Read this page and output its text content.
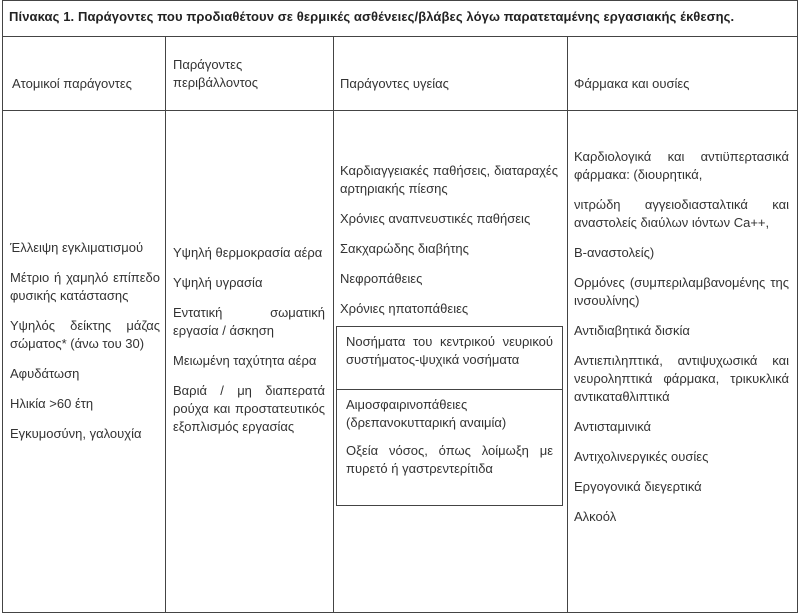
Πίνακας 1. Παράγοντες που προδιαθέτουν σε θερμικές ασθένειες/βλάβες λόγω παρατεταμένης εργασιακής έκθεσης.
Ατομικοί παράγοντες
Παράγοντες περιβάλλοντος	Παράγοντες υγείας	Φάρμακα και ουσίες

Έλλειψη εγκλιματισμού

Μέτριο ή χαμηλό επίπεδο φυσικής κατάστασης

Υψηλός δείκτης μάζας σώματος* (άνω του 30)

Αφυδάτωση

Ηλικία >60 έτη

Εγκυμοσύνη, γαλουχία

Υψηλή θερμοκρασία αέρα

Υψηλή υγρασία

Εντατική σωματική εργασία / άσκηση

Μειωμένη ταχύτητα αέρα

Βαριά / μη διαπερατά ρούχα και προστατευτικός εξοπλισμός εργασίας

Καρδιαγγειακές παθήσεις, διαταραχές αρτηριακής πίεσης

Χρόνιες αναπνευστικές παθήσεις

Σακχαρώδης διαβήτης

Νεφροπάθειες

Χρόνιες ηπατοπάθειες

Νοσήματα του κεντρικού νευρικού συστήματος-ψυχικά νοσήματα

Αιμοσφαιρινοπάθειες (δρεπανοκυτταρική αναιμία)

Οξεία νόσος, όπως λοίμωξη με πυρετό ή γαστρεντερίτιδα

Καρδιολογικά και αντιϋπερτασικά φάρμακα: (διουρητικά,

νιτρώδη αγγειοδιασταλτικά και αναστολείς διαύλων ιόντων Ca++,

Β-αναστολείς)

Ορμόνες (συμπεριλαμβανομένης της ινσουλίνης)

Αντιδιαβητικά δισκία

Αντιεπιληπτικά, αντιψυχωσικά και νευροληπτικά φάρμακα, τρικυκλικά αντικαταθλιπτικά

Αντισταμινικά

Αντιχολινεργικές ουσίες

Εργογονικά διεγερτικά

Αλκοόλ
